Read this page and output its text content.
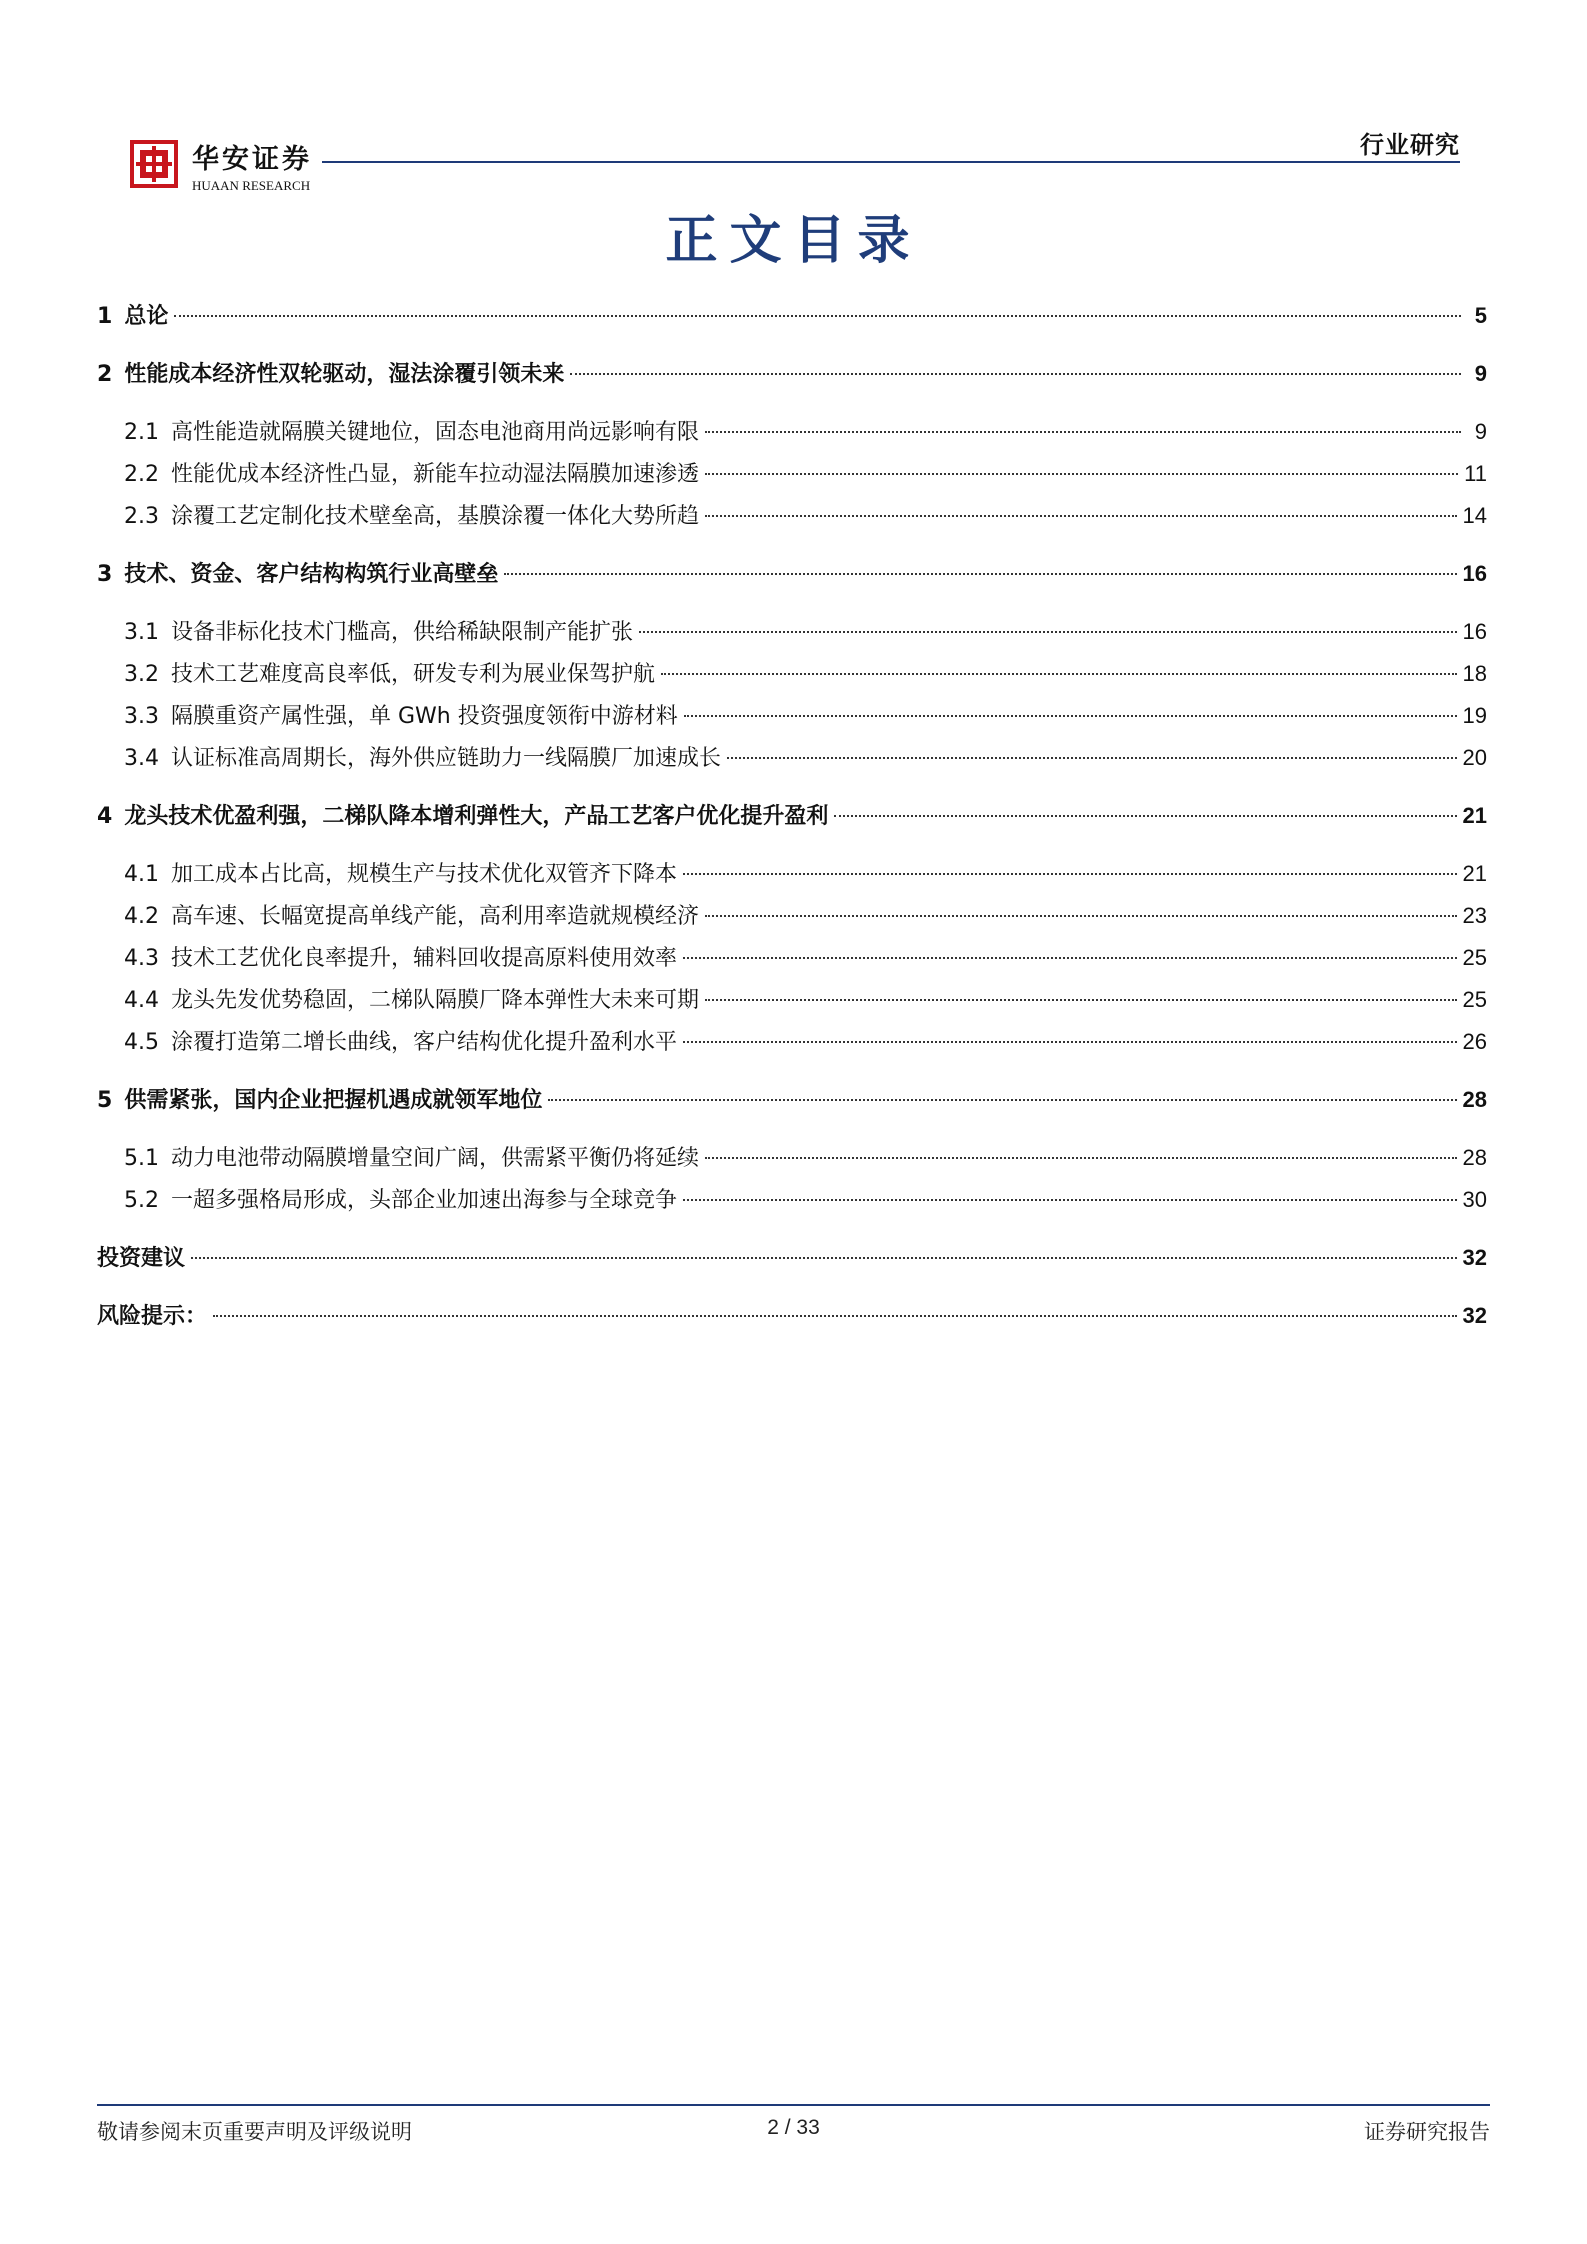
华安证券
HUAAN RESEARCH
行业研究
正文目录
1 总论	5
2 性能成本经济性双轮驱动，湿法涂覆引领未来	9
2.1 高性能造就隔膜关键地位，固态电池商用尚远影响有限	9
2.2 性能优成本经济性凸显，新能车拉动湿法隔膜加速渗透	11
2.3 涂覆工艺定制化技术壁垒高，基膜涂覆一体化大势所趋	14
3 技术、资金、客户结构构筑行业高壁垒	16
3.1 设备非标化技术门槛高，供给稀缺限制产能扩张	16
3.2 技术工艺难度高良率低，研发专利为展业保驾护航	18
3.3 隔膜重资产属性强，单 GWh 投资强度领衔中游材料	19
3.4 认证标准高周期长，海外供应链助力一线隔膜厂加速成长	20
4 龙头技术优盈利强，二梯队降本增利弹性大，产品工艺客户优化提升盈利	21
4.1 加工成本占比高，规模生产与技术优化双管齐下降本	21
4.2 高车速、长幅宽提高单线产能，高利用率造就规模经济	23
4.3 技术工艺优化良率提升，辅料回收提高原料使用效率	25
4.4 龙头先发优势稳固，二梯队隔膜厂降本弹性大未来可期	25
4.5 涂覆打造第二增长曲线，客户结构优化提升盈利水平	26
5 供需紧张，国内企业把握机遇成就领军地位	28
5.1 动力电池带动隔膜增量空间广阔，供需紧平衡仍将延续	28
5.2 一超多强格局形成，头部企业加速出海参与全球竞争	30
投资建议	32
风险提示：	32
敬请参阅末页重要声明及评级说明	2 / 33	证券研究报告
